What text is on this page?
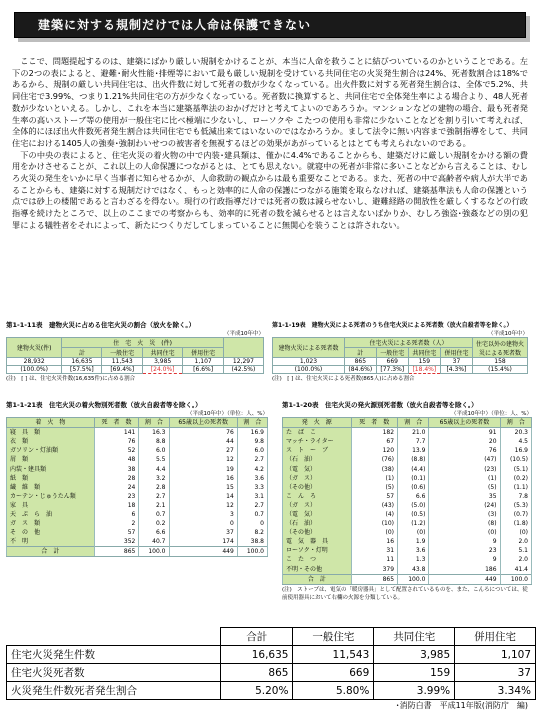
建築に対する規制だけでは人命は保護できない

ここで、問題提起するのは、建築にばかり厳しい規制をかけることが、本当に人命を救うことに結びついているのかということである。左下の2つの表によると、避難･耐火性能･排煙等において最も厳しい規制を受けている共同住宅の火災発生割合は24%、死者数割合は18%であるから、規制の厳しい共同住宅は、出火件数に対して死者の数が少なくなっている。出火件数に対する死者発生割合は、全体で5.2%、共同住宅で3.99%、つまり1.21%共同住宅の方が少なくなっている。死者数に換算すると、共同住宅で全体発生率による場合より、48人死者数が少ないといえる。しかし、これを本当に建築基準法のおかげだけと考えてよいのであろうか。マンションなどの建物の場合、最も死者発生率の高いストーブ等の使用が一般住宅に比べ極端に少ないし、ローソクや こたつの使用も非常に少ないことなどを割り引いて考えれば、全体的にほぼ出火件数死者発生割合は共同住宅でも低減出来てはいないのではなかろうか。まして法令に無い内容まで強制指導をして、共同住宅における1405人の強奏･強制わいせつの被害者を無視するほどの効果があがっているとはとても考えられないのである。

下の中央の表によると、住宅火災の着火物の中で内装･建具類は、僅かに4.4%であることからも、建築だけに厳しい規制をかける額の費用をかけさせることが、これ以上の人命保護につながるとは、とても思えない。就寝中の死者が非常に多いことなどから言えることは、むしろ火災の発生をいかに早く当事者に知らせるかが、人命救助の観点からは最も重要なことである。また、死者の中で高齢者や病人が大半であることからも、建築に対する規制だけではなく、もっと効率的に人命の保護につながる施策を取らなければ、建築基準法も人命の保護という点では砂上の楼閣であると言わざるを得ない。現行の行政指導だけでは死者の数は減らせないし、避難経路の開放性を厳しくするなどの行政指導を続けたところで、以上のここまでの考察からも、効率的に死者の数を減らせるとは言えないばかりか、むしろ強盗･強姦などの別の犯罪による犠牲者をそれによって、新たにつくりだしてしまっていることに無関心を装うことは許されない。

第1-1-11表　建物火災に占める住宅火災の割合（放火を除く。）
（平成10年中）
建物火災(件)	住　宅　火　災　(件)				
	計	一般住宅	共同住宅	併用住宅	
28,932	16,635	11,543	3,985	1,107	12,297
(100.0%)	[57.5%]	[69.4%]	[24.0%]	[6.6%]	(42.5%)
(注)　[ ] は、住宅火災件数(16,635件)に占める割合
第1-1-19表　建物火災による死者のうち住宅火災による死者数（放火自殺者等を除く。）
（平成10年中）
建物火災による死者数	住宅火災による死者数（人）				住宅以外の建物火災による死者数
	計	一般住宅	共同住宅	併用住宅	
1,023	865	669	159	37	158
(100.0%)	(84.6%)	[77.3%]	[18.4%]	[4.3%]	(15.4%)
(注)　[ ] は、住宅火災による死者数(865人)に占める割合
第1-1-21表　住宅火災の着火物別死者数（放火自殺者等を除く。）
（平成10年中）（単位：人、%）
着　火　物	死　者　数	割　合	65歳以上の死者数	割　合
寝　具　類	141	16.3	76	16.9
衣　類	76	8.8	44	9.8
ガソリン・灯油類	52	6.0	27	6.0
屑　類	48	5.5	12	2.7
内装・建具類	38	4.4	19	4.2
紙　類	28	3.2	16	3.6
繊　維　類	24	2.8	15	3.3
カーテン・じゅうたん類	23	2.7	14	3.1
家　具	18	2.1	12	2.7
天　ぷ　ら　油	6	0.7	3	0.7
ガ　ス　類	2	0.2	0	0
そ　の　他	57	6.6	37	8.2
不　明	352	40.7	174	38.8
合　計	865	100.0	449	100.0
第1-1-20表　住宅火災の発火源別死者数（放火自殺者等を除く。）
（平成10年中）（単位：人、%）
発　火　源	死　者　数	割　合	65歳以上の死者数	割　合
た　ば　こ	182	21.0	91	20.3
マッチ・ライター	67	7.7	20	4.5
ス　ト　ー　ブ	120	13.9	76	16.9
（石　油）	(76)	(8.8)	(47)	(10.5)
（電　気）	(38)	(4.4)	(23)	(5.1)
（ガ　ス）	(1)	(0.1)	(1)	(0.2)
（その他）	(5)	(0.6)	(5)	(1.1)
こ　ん　ろ	57	6.6	35	7.8
（ガ　ス）	(43)	(5.0)	(24)	(5.3)
（電　気）	(4)	(0.5)	(3)	(0.7)
（石　油）	(10)	(1.2)	(8)	(1.8)
（その他）	(0)	(0)	(0)	(0)
電　気　器　具	16	1.9	9	2.0
ローソク・灯明	31	3.6	23	5.1
こ　た　つ	11	1.3	9	2.0
不明・その他	379	43.8	186	41.4
合　計	865	100.0	449	100.0
(注)　ストーブは、電気の「暖房器具」として配置されているものを、また、こんろについては、従前使用器具において右欄の火源を分類している。
	合計	一般住宅	共同住宅	併用住宅
住宅火災発生件数	16,635	11,543	3,985	1,107
住宅火災死者数	865	669	159	37
火災発生件数死者発生割合	5.20%	5.80%	3.99%	3.34%
･消防白書　平成11年版(消防庁　編)
